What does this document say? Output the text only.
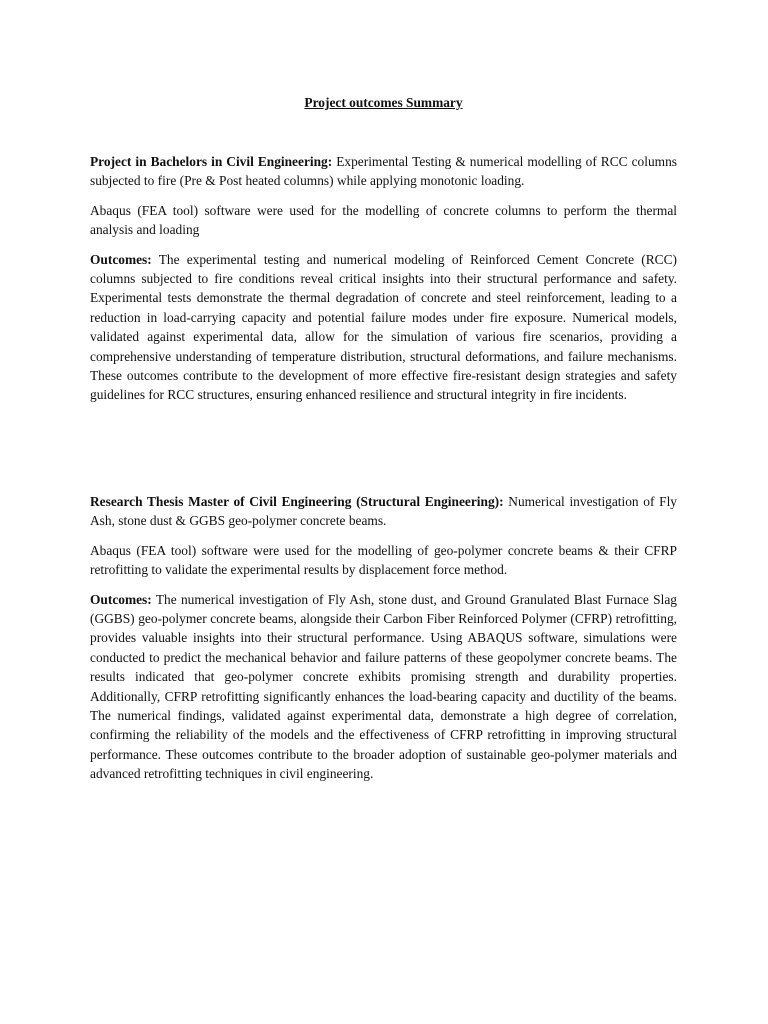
Project outcomes Summary

Project in Bachelors in Civil Engineering: Experimental Testing & numerical modelling of RCC columns subjected to fire (Pre & Post heated columns) while applying monotonic loading.

Abaqus (FEA tool) software were used for the modelling of concrete columns to perform the thermal analysis and loading

Outcomes: The experimental testing and numerical modeling of Reinforced Cement Concrete (RCC) columns subjected to fire conditions reveal critical insights into their structural performance and safety. Experimental tests demonstrate the thermal degradation of concrete and steel reinforcement, leading to a reduction in load-carrying capacity and potential failure modes under fire exposure. Numerical models, validated against experimental data, allow for the simulation of various fire scenarios, providing a comprehensive understanding of temperature distribution, structural deformations, and failure mechanisms. These outcomes contribute to the development of more effective fire-resistant design strategies and safety guidelines for RCC structures, ensuring enhanced resilience and structural integrity in fire incidents.

Research Thesis Master of Civil Engineering (Structural Engineering): Numerical investigation of Fly Ash, stone dust & GGBS geo-polymer concrete beams.

Abaqus (FEA tool) software were used for the modelling of geo-polymer concrete beams & their CFRP retrofitting to validate the experimental results by displacement force method.

Outcomes: The numerical investigation of Fly Ash, stone dust, and Ground Granulated Blast Furnace Slag (GGBS) geo-polymer concrete beams, alongside their Carbon Fiber Reinforced Polymer (CFRP) retrofitting, provides valuable insights into their structural performance. Using ABAQUS software, simulations were conducted to predict the mechanical behavior and failure patterns of these geopolymer concrete beams. The results indicated that geo-polymer concrete exhibits promising strength and durability properties. Additionally, CFRP retrofitting significantly enhances the load-bearing capacity and ductility of the beams. The numerical findings, validated against experimental data, demonstrate a high degree of correlation, confirming the reliability of the models and the effectiveness of CFRP retrofitting in improving structural performance. These outcomes contribute to the broader adoption of sustainable geo-polymer materials and advanced retrofitting techniques in civil engineering.
